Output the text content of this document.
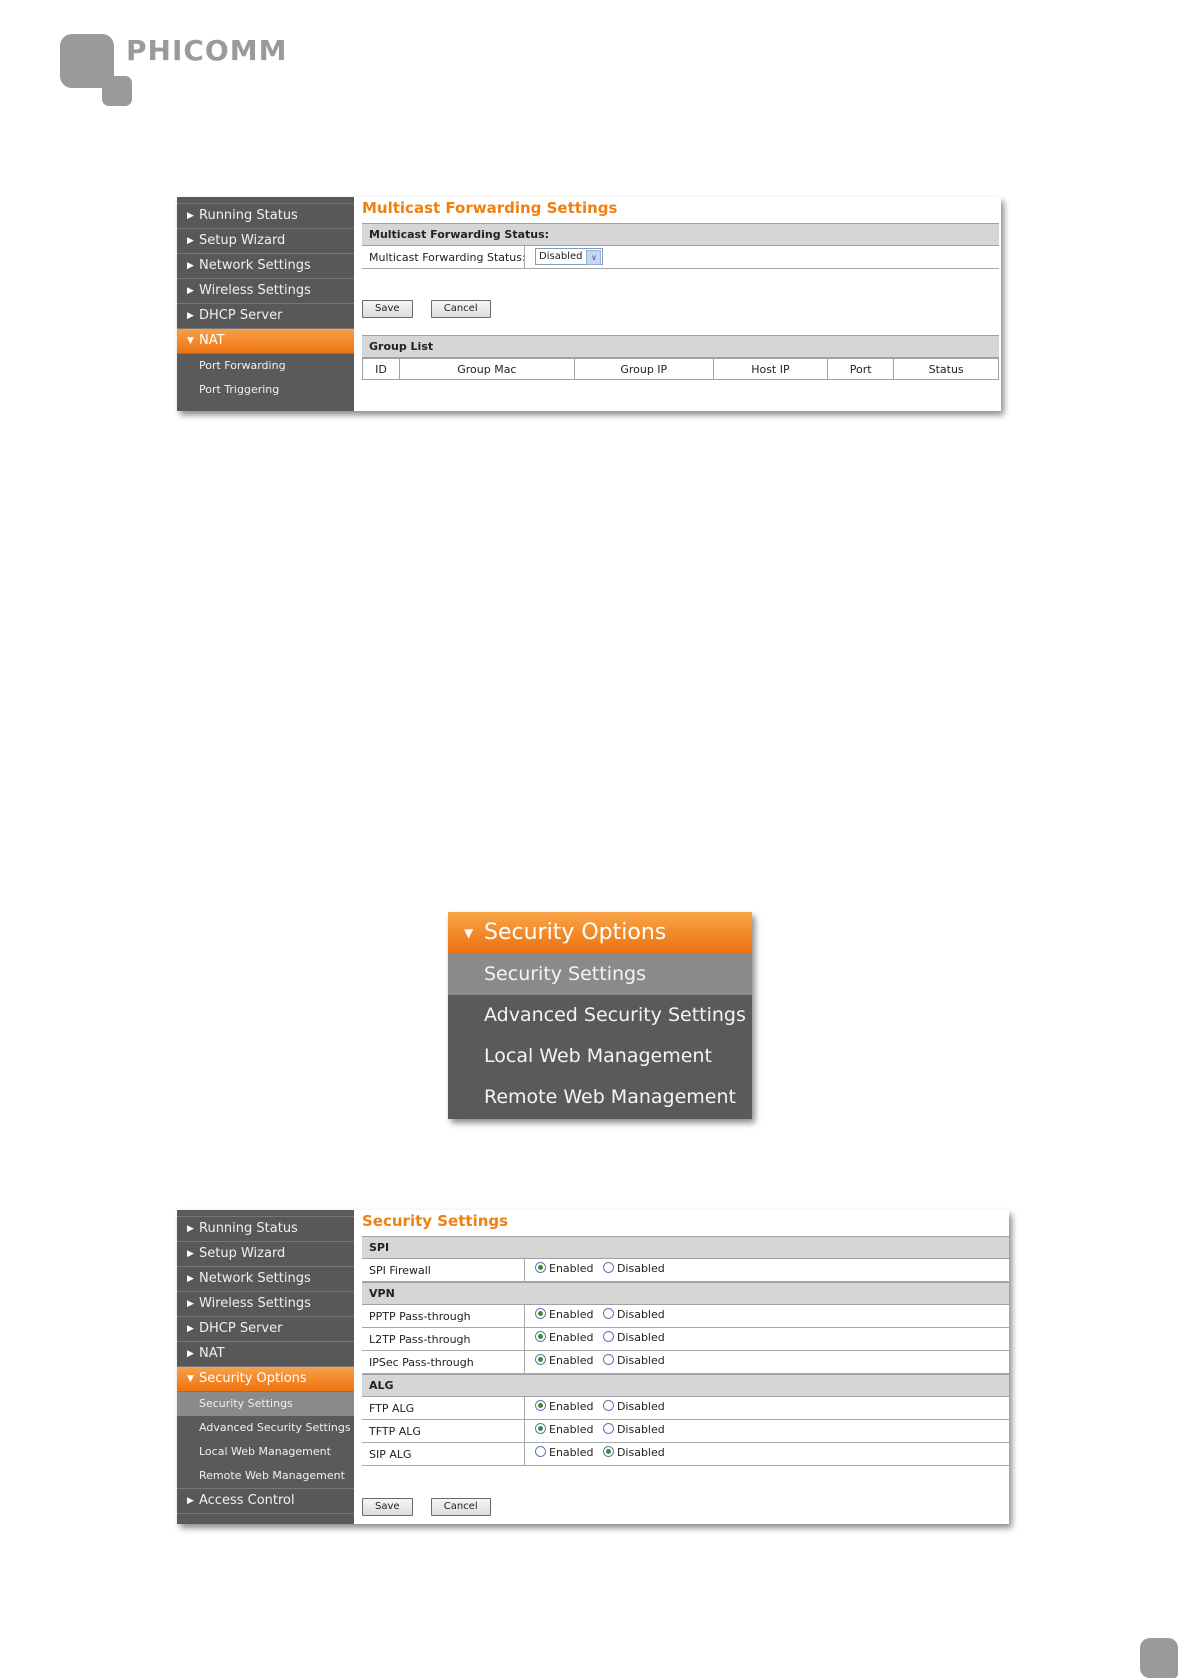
PHICOMM
▶ Running Status
▶ Setup Wizard
▶ Network Settings
▶ Wireless Settings
▶ DHCP Server
▼ NAT
Port Forwarding
Port Triggering
Multicast Forwarding Settings
Multicast Forwarding Status:
Multicast Forwarding Status:	Disabled	∨
Save	Cancel
Group List
ID	Group Mac	Group IP	Host IP	Port	Status
▼ Security Options
Security Settings
Advanced Security Settings
Local Web Management
Remote Web Management
▶ Running Status
▶ Setup Wizard
▶ Network Settings
▶ Wireless Settings
▶ DHCP Server
▶ NAT
▼ Security Options
Security Settings
Advanced Security Settings
Local Web Management
Remote Web Management
▶ Access Control
Security Settings
SPI
SPI Firewall	Enabled Disabled
VPN
PPTP Pass-through	Enabled Disabled
L2TP Pass-through	Enabled Disabled
IPSec Pass-through	Enabled Disabled
ALG
FTP ALG	Enabled Disabled
TFTP ALG	Enabled Disabled
SIP ALG	Enabled Disabled
Save	Cancel
